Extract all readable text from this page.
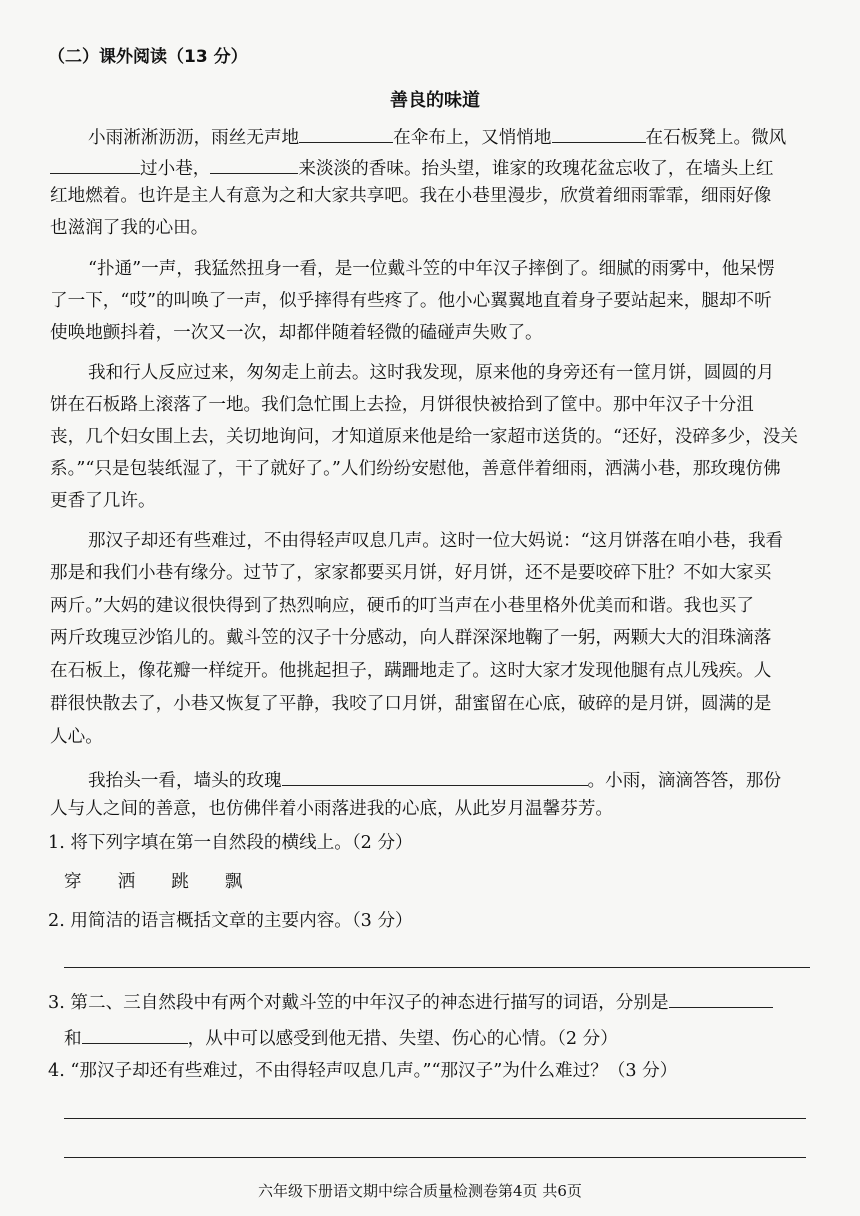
（二）课外阅读（13 分）
善良的味道
小雨淅淅沥沥，雨丝无声地	在伞布上，又悄悄地	在石板凳上。微风
过小巷，	来淡淡的香味。抬头望，谁家的玫瑰花盆忘收了，在墙头上红
红地燃着。也许是主人有意为之和大家共享吧。我在小巷里漫步，欣赏着细雨霏霏，细雨好像
也滋润了我的心田。
“扑通”一声，我猛然扭身一看，是一位戴斗笠的中年汉子摔倒了。细腻的雨雾中，他呆愣
了一下，“哎”的叫唤了一声，似乎摔得有些疼了。他小心翼翼地直着身子要站起来，腿却不听
使唤地颤抖着，一次又一次，却都伴随着轻微的磕碰声失败了。
我和行人反应过来，匆匆走上前去。这时我发现，原来他的身旁还有一筐月饼，圆圆的月
饼在石板路上滚落了一地。我们急忙围上去捡，月饼很快被拾到了筐中。那中年汉子十分沮
丧，几个妇女围上去，关切地询问，才知道原来他是给一家超市送货的。“还好，没碎多少，没关
系。”“只是包装纸湿了，干了就好了。”人们纷纷安慰他，善意伴着细雨，洒满小巷，那玫瑰仿佛
更香了几许。
那汉子却还有些难过，不由得轻声叹息几声。这时一位大妈说：“这月饼落在咱小巷，我看
那是和我们小巷有缘分。过节了，家家都要买月饼，好月饼，还不是要咬碎下肚？不如大家买
两斤。”大妈的建议很快得到了热烈响应，硬币的叮当声在小巷里格外优美而和谐。我也买了
两斤玫瑰豆沙馅儿的。戴斗笠的汉子十分感动，向人群深深地鞠了一躬，两颗大大的泪珠滴落
在石板上，像花瓣一样绽开。他挑起担子，蹒跚地走了。这时大家才发现他腿有点儿残疾。人
群很快散去了，小巷又恢复了平静，我咬了口月饼，甜蜜留在心底，破碎的是月饼，圆满的是
人心。
我抬头一看，墙头的玫瑰	。小雨，滴滴答答，那份
人与人之间的善意，也仿佛伴着小雨落进我的心底，从此岁月温馨芬芳。
1. 将下列字填在第一自然段的横线上。（2 分）
穿 洒 跳 飘
2. 用简洁的语言概括文章的主要内容。（3 分）
3. 第二、三自然段中有两个对戴斗笠的中年汉子的神态进行描写的词语，分别是
和	，从中可以感受到他无措、失望、伤心的心情。（2 分）
4. “那汉子却还有些难过，不由得轻声叹息几声。”“那汉子”为什么难过？（3 分）
六年级下册语文期中综合质量检测卷第4页 共6页
